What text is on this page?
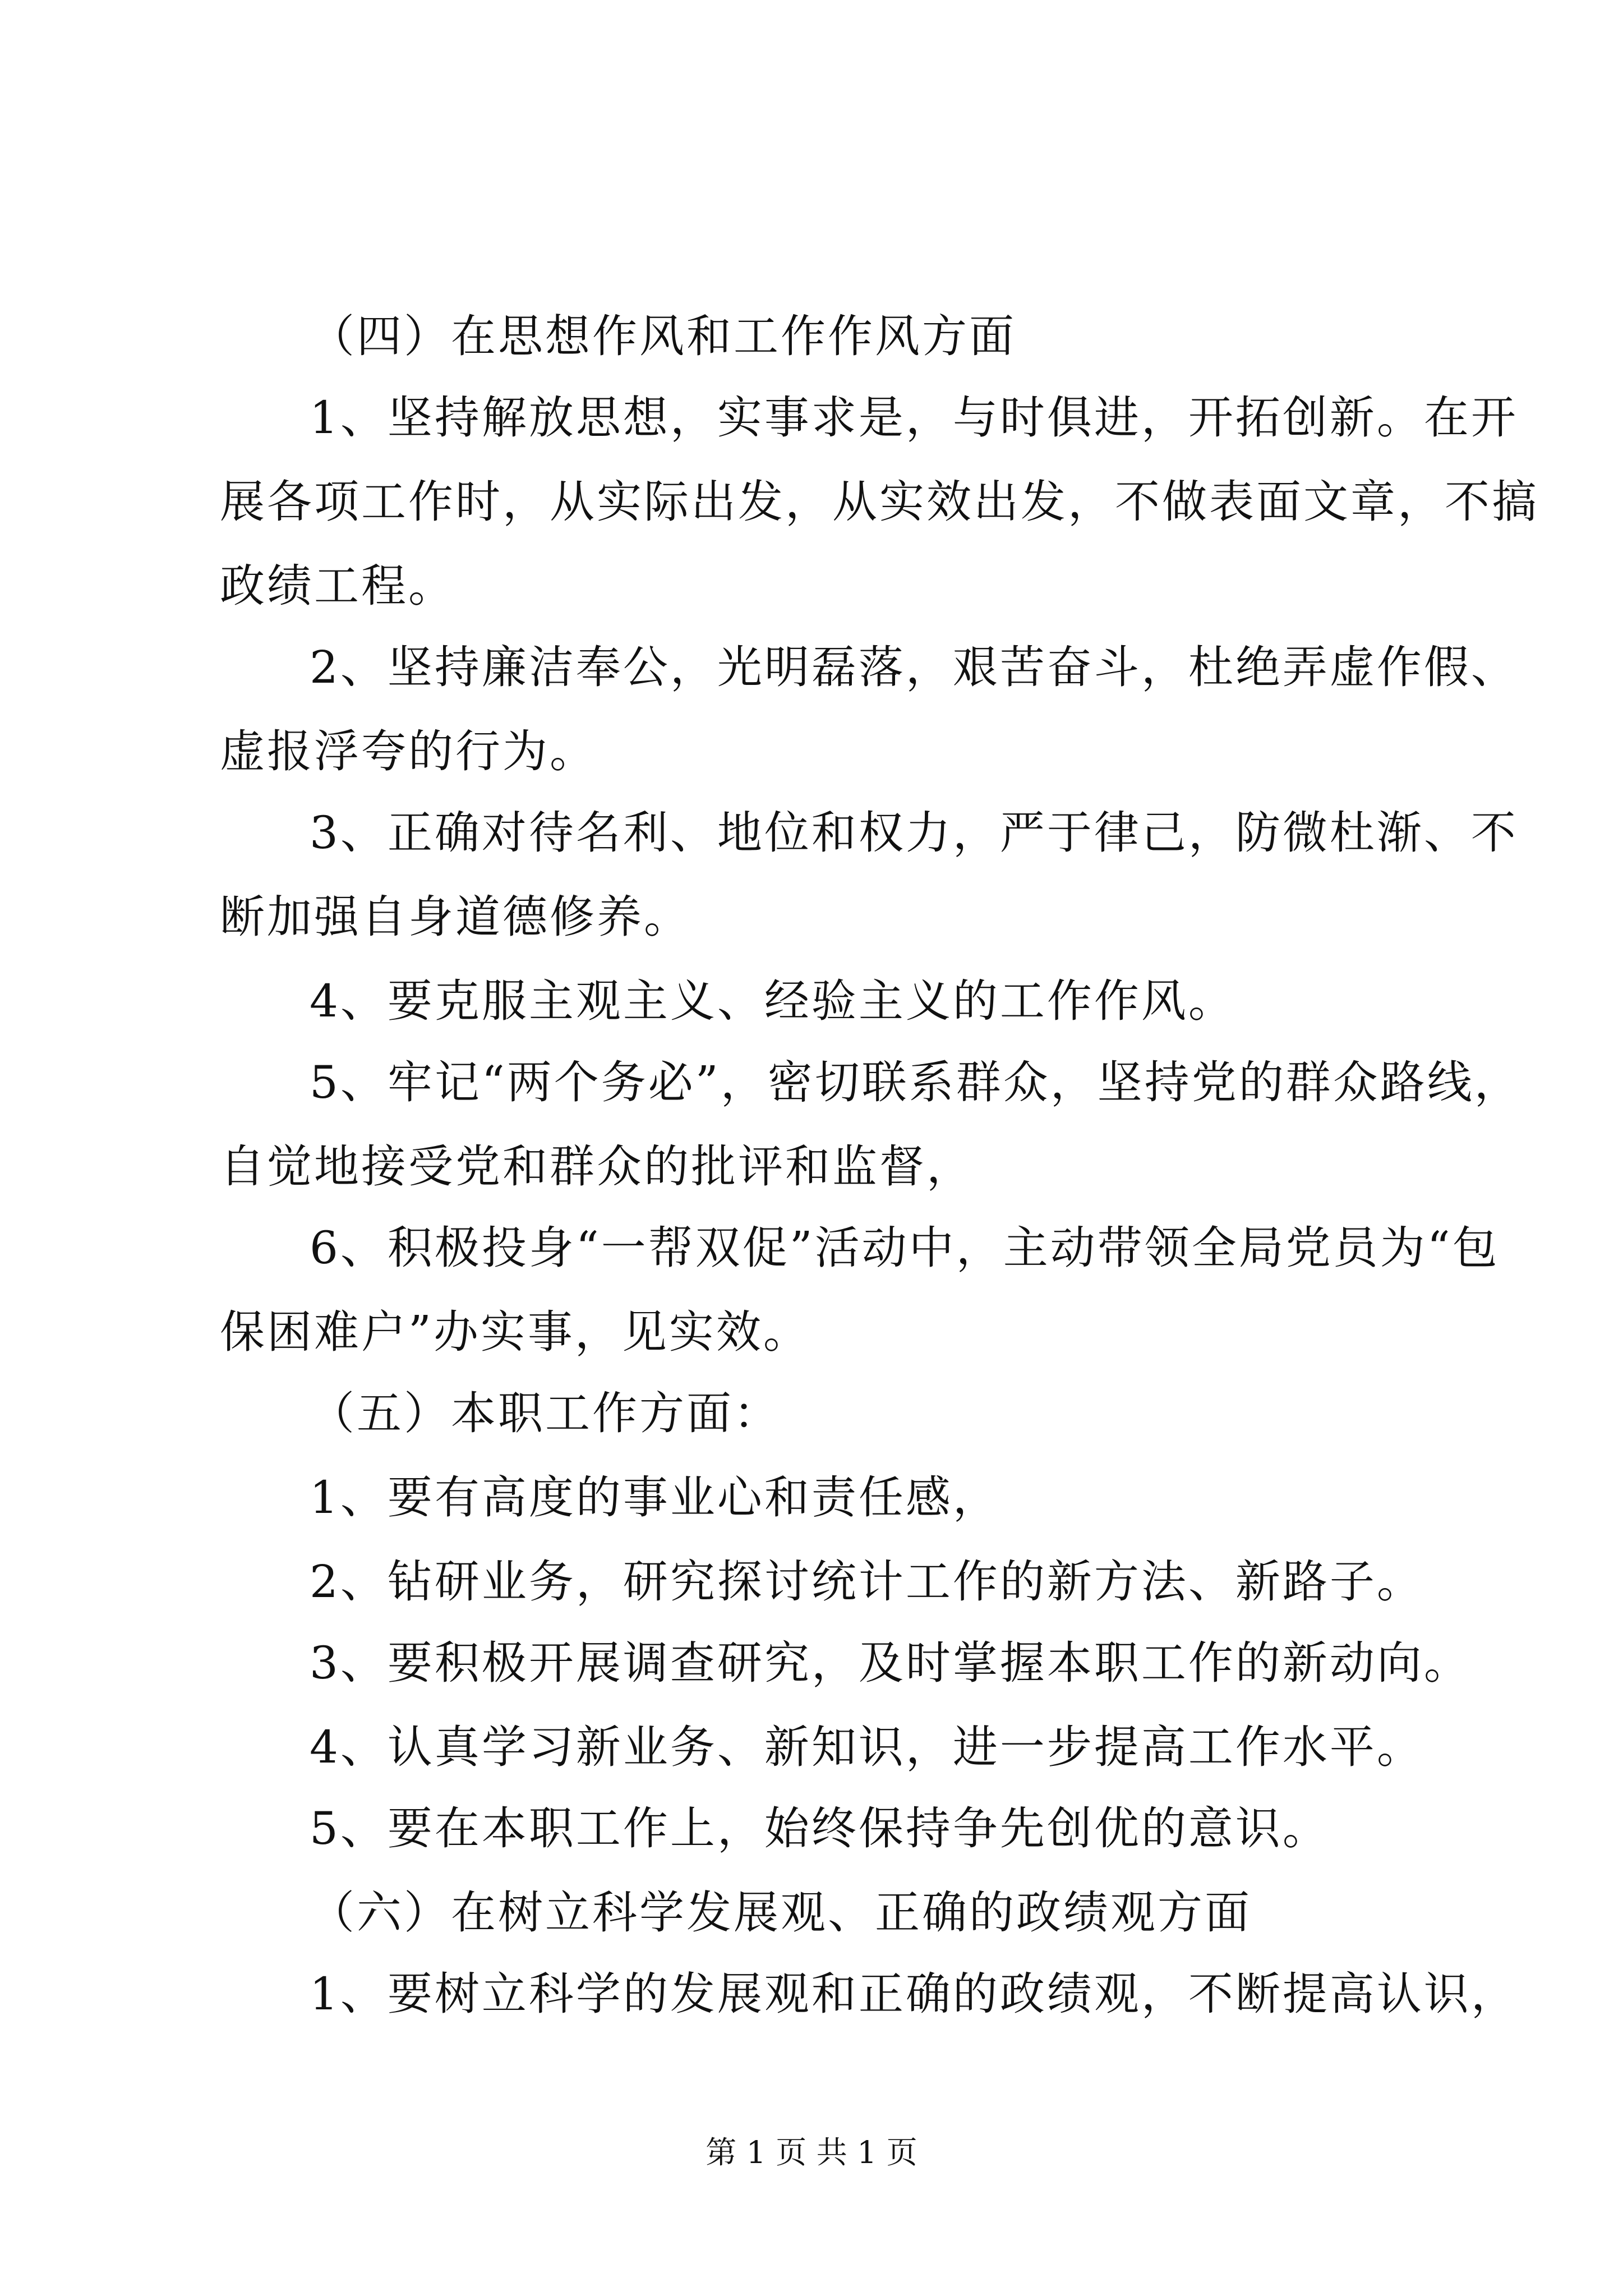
（四）在思想作风和工作作风方面
1、坚持解放思想，实事求是，与时俱进，开拓创新。在开
展各项工作时，从实际出发，从实效出发，不做表面文章，不搞
政绩工程。
2、坚持廉洁奉公，光明磊落，艰苦奋斗，杜绝弄虚作假、
虚报浮夸的行为。
3、正确对待名利、地位和权力，严于律己，防微杜渐、不
断加强自身道德修养。
4、要克服主观主义、经验主义的工作作风。
5、牢记“两个务必”，密切联系群众，坚持党的群众路线，
自觉地接受党和群众的批评和监督，
6、积极投身“一帮双促”活动中，主动带领全局党员为“包
保困难户”办实事，见实效。
（五）本职工作方面：
1、要有高度的事业心和责任感，
2、钻研业务，研究探讨统计工作的新方法、新路子。
3、要积极开展调查研究，及时掌握本职工作的新动向。
4、认真学习新业务、新知识，进一步提高工作水平。
5、要在本职工作上，始终保持争先创优的意识。
（六）在树立科学发展观、正确的政绩观方面
1、要树立科学的发展观和正确的政绩观，不断提高认识，
第 1 页 共 1 页
